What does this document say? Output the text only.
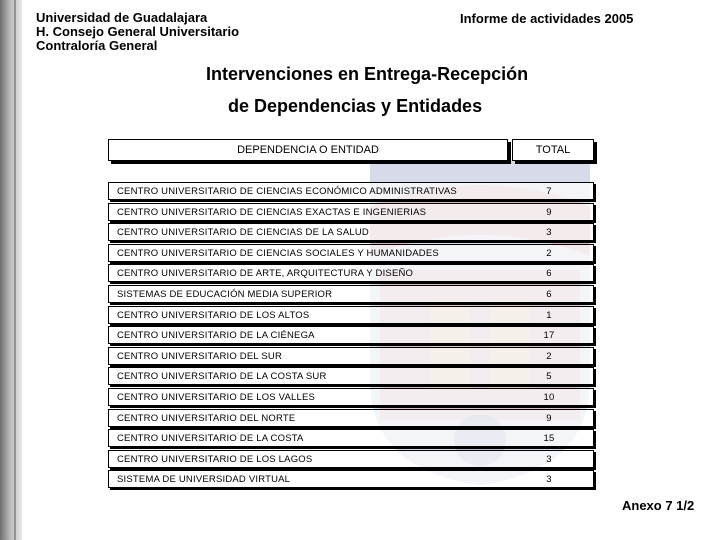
Universidad de Guadalajara
H. Consejo General Universitario
Contraloría General
Informe de actividades 2005
Intervenciones en Entrega-Recepción
de Dependencias y Entidades
DEPENDENCIA O ENTIDAD	TOTAL
CENTRO UNIVERSITARIO DE CIENCIAS ECONÓMICO ADMINISTRATIVAS	7
CENTRO UNIVERSITARIO DE CIENCIAS EXACTAS E INGENIERIAS	9
CENTRO UNIVERSITARIO DE CIENCIAS DE LA SALUD	3
CENTRO UNIVERSITARIO DE CIENCIAS SOCIALES Y HUMANIDADES	2
CENTRO UNIVERSITARIO DE ARTE, ARQUITECTURA Y DISEÑO	6
SISTEMAS DE EDUCACIÓN MEDIA SUPERIOR	6
CENTRO UNIVERSITARIO DE LOS ALTOS	1
CENTRO UNIVERSITARIO DE LA CIÉNEGA	17
CENTRO UNIVERSITARIO DEL SUR	2
CENTRO UNIVERSITARIO DE LA COSTA SUR	5
CENTRO UNIVERSITARIO DE LOS VALLES	10
CENTRO UNIVERSITARIO DEL NORTE	9
CENTRO UNIVERSITARIO DE LA COSTA	15
CENTRO UNIVERSITARIO DE LOS LAGOS	3
SISTEMA DE UNIVERSIDAD VIRTUAL	3
Anexo 7 1/2
